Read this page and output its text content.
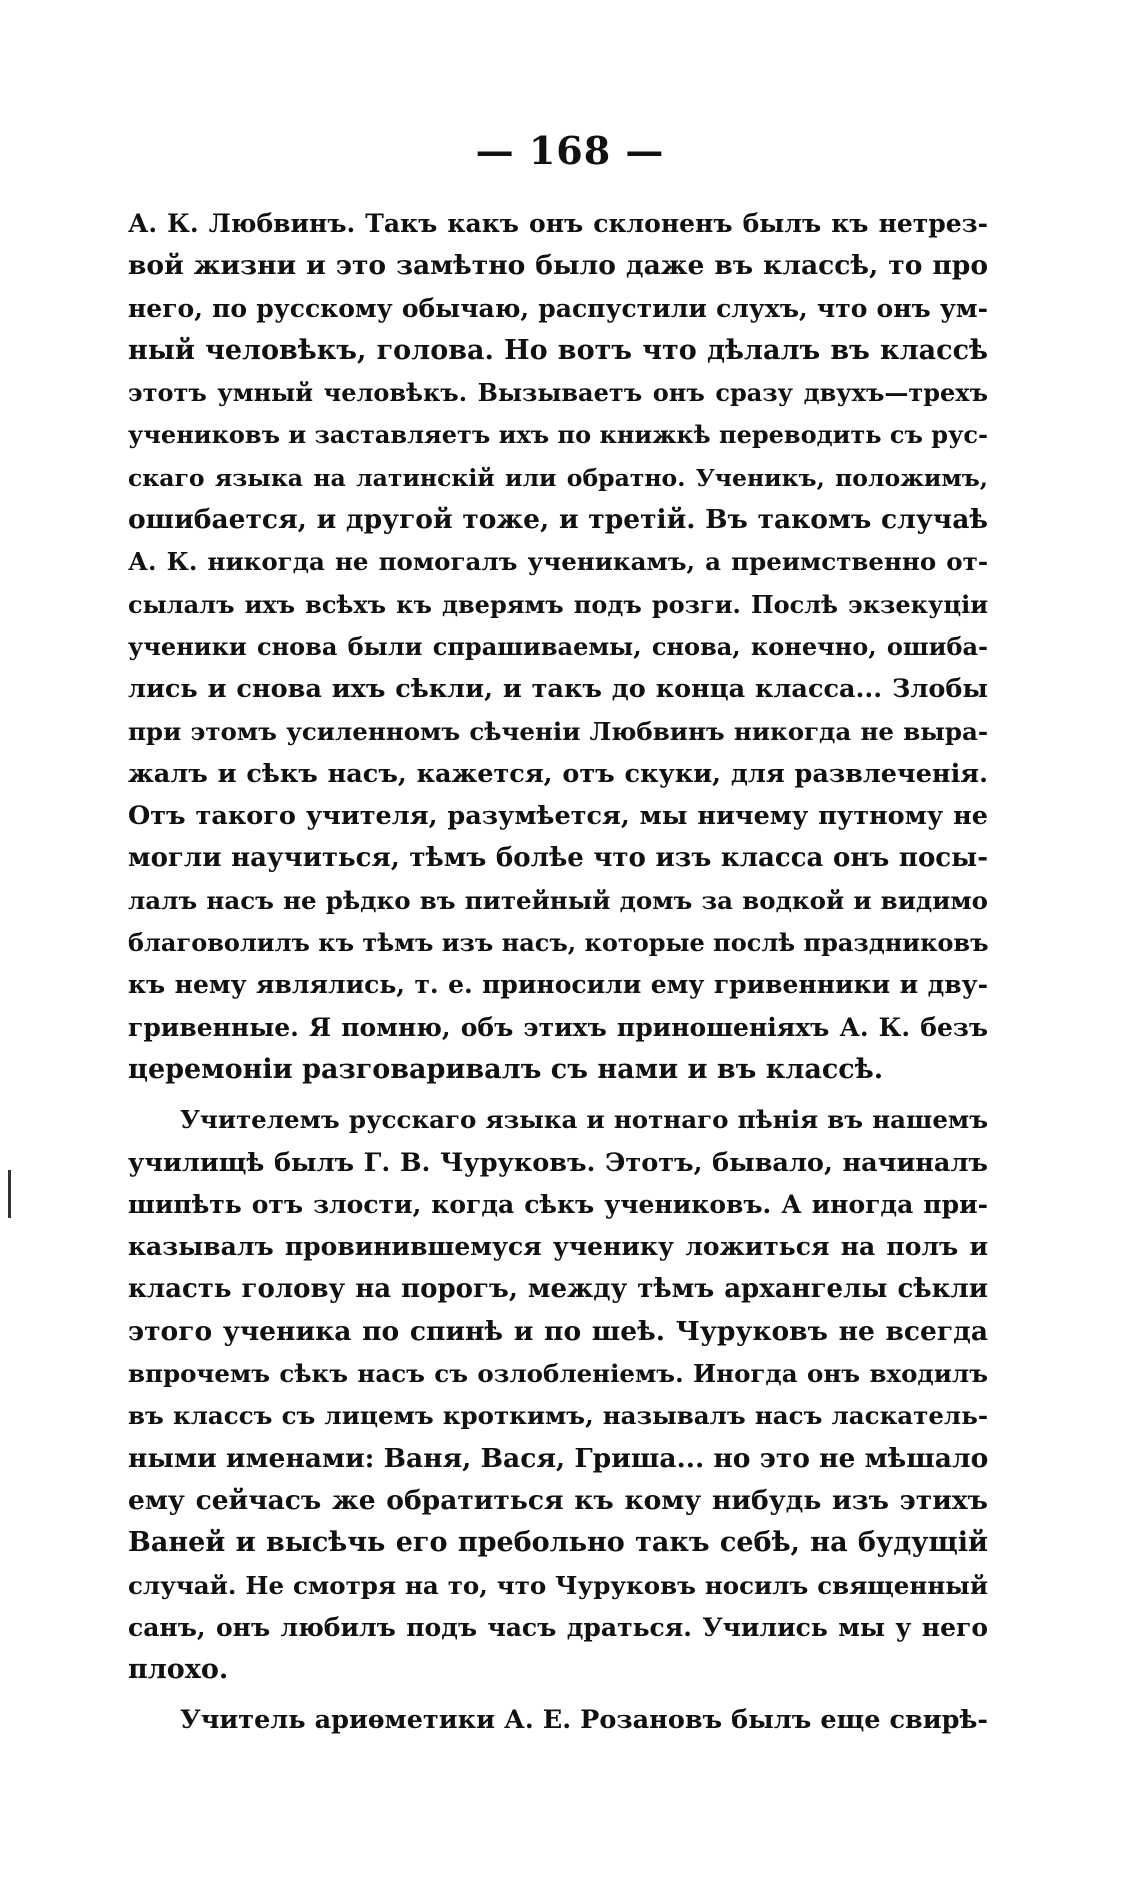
— 168 —
А. К. Любвинъ. Такъ какъ онъ склоненъ былъ къ нетрез-
вой жизни и это замѣтно было даже въ классѣ, то про
него, по русскому обычаю, распустили слухъ, что онъ ум-
ный человѣкъ, голова. Но вотъ что дѣлалъ въ классѣ
этотъ умный человѣкъ. Вызываетъ онъ сразу двухъ—трехъ
учениковъ и заставляетъ ихъ по книжкѣ переводить съ рус-
скаго языка на латинскій или обратно. Ученикъ, положимъ,
ошибается, и другой тоже, и третій. Въ такомъ случаѣ
А. К. никогда не помогалъ ученикамъ, а преимственно от-
сылалъ ихъ всѣхъ къ дверямъ подъ розги. Послѣ экзекуціи
ученики снова были спрашиваемы, снова, конечно, ошиба-
лись и снова ихъ сѣкли, и такъ до конца класса... Злобы
при этомъ усиленномъ сѣченіи Любвинъ никогда не выра-
жалъ и сѣкъ насъ, кажется, отъ скуки, для развлеченія.
Отъ такого учителя, разумѣется, мы ничему путному не
могли научиться, тѣмъ болѣе что изъ класса онъ посы-
лалъ насъ не рѣдко въ питейный домъ за водкой и видимо
благоволилъ къ тѣмъ изъ насъ, которые послѣ праздниковъ
къ нему являлись, т. е. приносили ему гривенники и дву-
гривенные. Я помню, объ этихъ приношеніяхъ А. К. безъ
церемоніи разговаривалъ съ нами и въ классѣ.
Учителемъ русскаго языка и нотнаго пѣнія въ нашемъ
училищѣ былъ Г. В. Чуруковъ. Этотъ, бывало, начиналъ
шипѣть отъ злости, когда сѣкъ учениковъ. А иногда при-
казывалъ провинившемуся ученику ложиться на полъ и
класть голову на порогъ, между тѣмъ архангелы сѣкли
этого ученика по спинѣ и по шеѣ. Чуруковъ не всегда
впрочемъ сѣкъ насъ съ озлобленіемъ. Иногда онъ входилъ
въ классъ съ лицемъ кроткимъ, называлъ насъ ласкатель-
ными именами: Ваня, Вася, Гриша... но это не мѣшало
ему сейчасъ же обратиться къ кому нибудь изъ этихъ
Ваней и высѣчь его пребольно такъ себѣ, на будущій
случай. Не смотря на то, что Чуруковъ носилъ священный
санъ, онъ любилъ подъ часъ драться. Учились мы у него
плохо.
Учитель ариѳметики А. Е. Розановъ былъ еще свирѣ-
